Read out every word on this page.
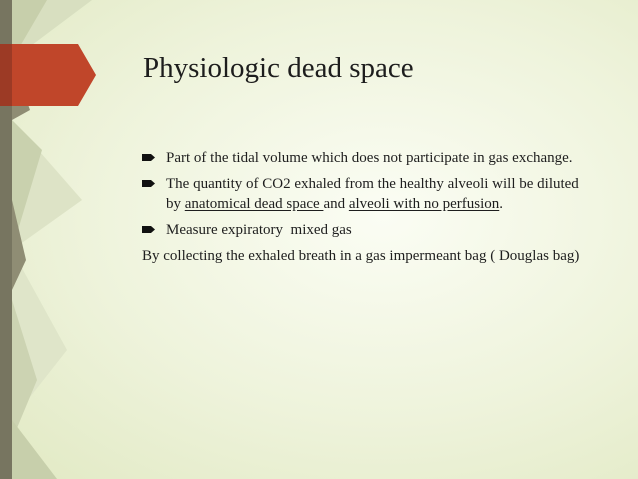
Physiologic dead space
Part of the tidal volume which does not participate in gas exchange.
The quantity of CO2 exhaled from the healthy alveoli will be diluted by anatomical dead space and alveoli with no perfusion.
Measure expiratory  mixed gas
By collecting the exhaled breath in a gas impermeant bag ( Douglas bag)
